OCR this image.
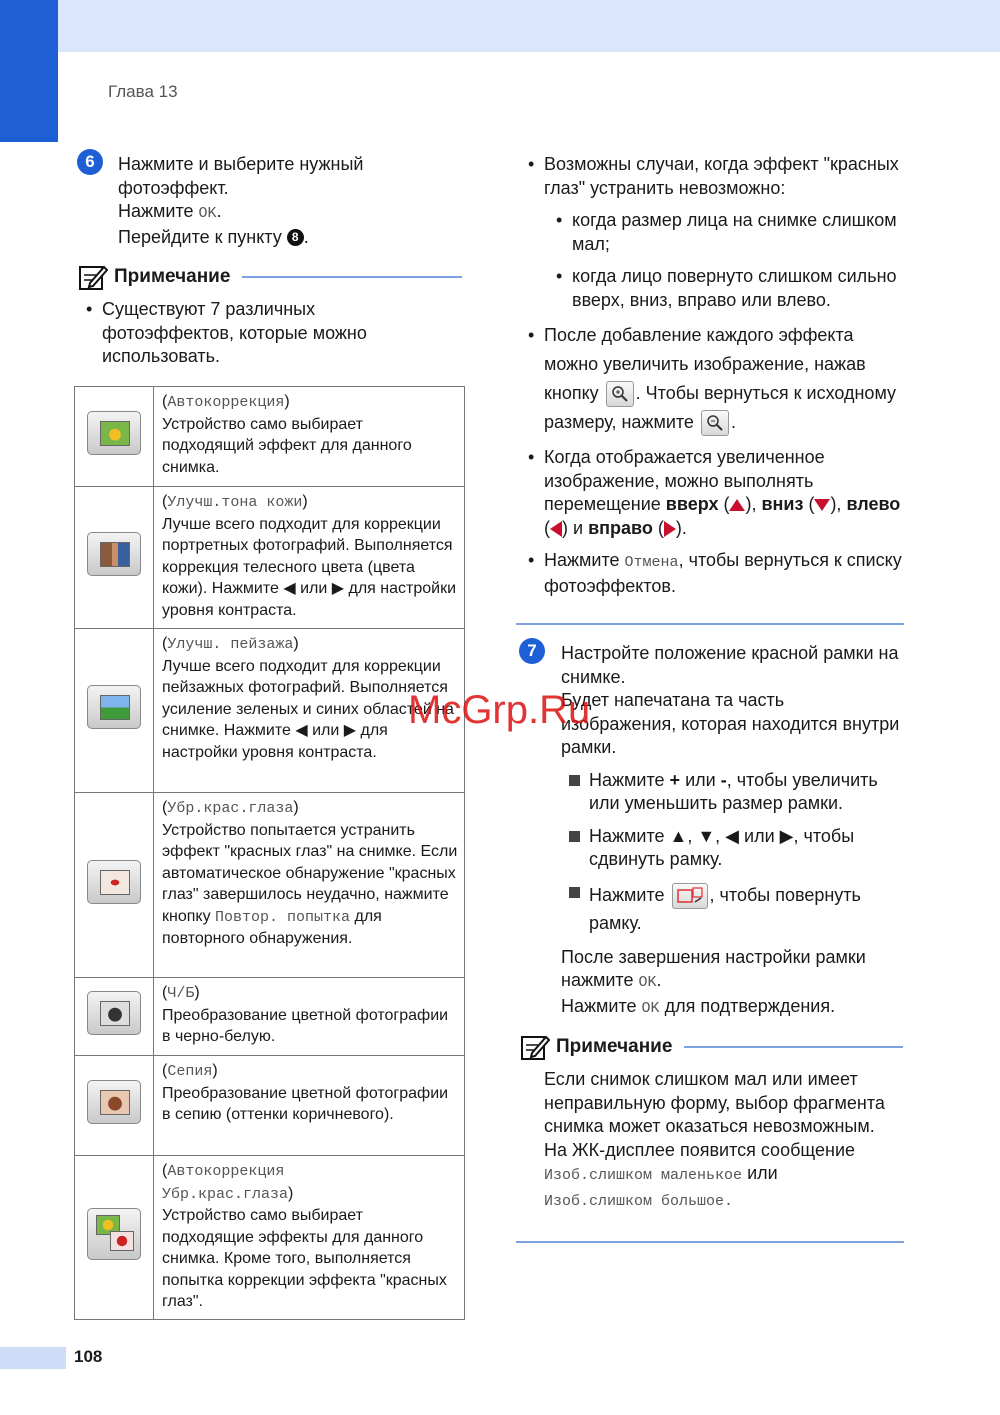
Глава 13
6	Нажмите и выберите нужный фотоэффект.
Нажмите OK.
Перейдите к пункту 8 .
Примечание
• Существуют 7 различных фотоэффектов, которые можно использовать.
	(Автокоррекция)
Устройство само выбирает подходящий эффект для данного снимка.

	(Улучш.тона кожи)
Лучше всего подходит для коррекции портретных фотографий. Выполняется коррекция телесного цвета (цвета кожи). Нажмите ◀ или ▶ для настройки уровня контраста.

	(Улучш. пейзажа)
Лучше всего подходит для коррекции пейзажных фотографий. Выполняется усиление зеленых и синих областей на снимке. Нажмите ◀ или ▶ для настройки уровня контраста.

	(Убр.крас.глаза)
Устройство попытается устранить эффект "красных глаз" на снимке. Если автоматическое обнаружение "красных глаз" завершилось неудачно, нажмите кнопку Повтор. попытка для повторного обнаружения.

	(Ч/Б)
Преобразование цветной фотографии в черно-белую.

	(Сепия)
Преобразование цветной фотографии в сепию (оттенки коричневого).

	(Автокоррекция
Убр.крас.глаза)
Устройство само выбирает подходящие эффекты для данного снимка. Кроме того, выполняется попытка коррекции эффекта "красных глаз".
• Возможны случаи, когда эффект "красных глаз" устранить невозможно:
• когда размер лица на снимке слишком мал;
• когда лицо повернуто слишком сильно вверх, вниз, вправо или влево.
• После добавление каждого эффекта можно увеличить изображение, нажав кнопку . Чтобы вернуться к исходному размеру, нажмите .
• Когда отображается увеличенное изображение, можно выполнять перемещение вверх ( ), вниз ( ), влево ( ) и вправо ( ).
• Нажмите Отмена, чтобы вернуться к списку фотоэффектов.
7	Настройте положение красной рамки на снимке.
Будет напечатана та часть изображения, которая находится внутри рамки.
Нажмите + или -, чтобы увеличить или уменьшить размер рамки.
Нажмите ▲, ▼, ◀ или ▶, чтобы сдвинуть рамку.
Нажмите , чтобы повернуть рамку.
После завершения настройки рамки нажмите OK.
Нажмите OK для подтверждения.
Примечание
Если снимок слишком мал или имеет неправильную форму, выбор фрагмента снимка может оказаться невозможным. На ЖК-дисплее появится сообщение
Изоб.слишком маленькое или
Изоб.слишком большое.
McGrp.Ru
108
